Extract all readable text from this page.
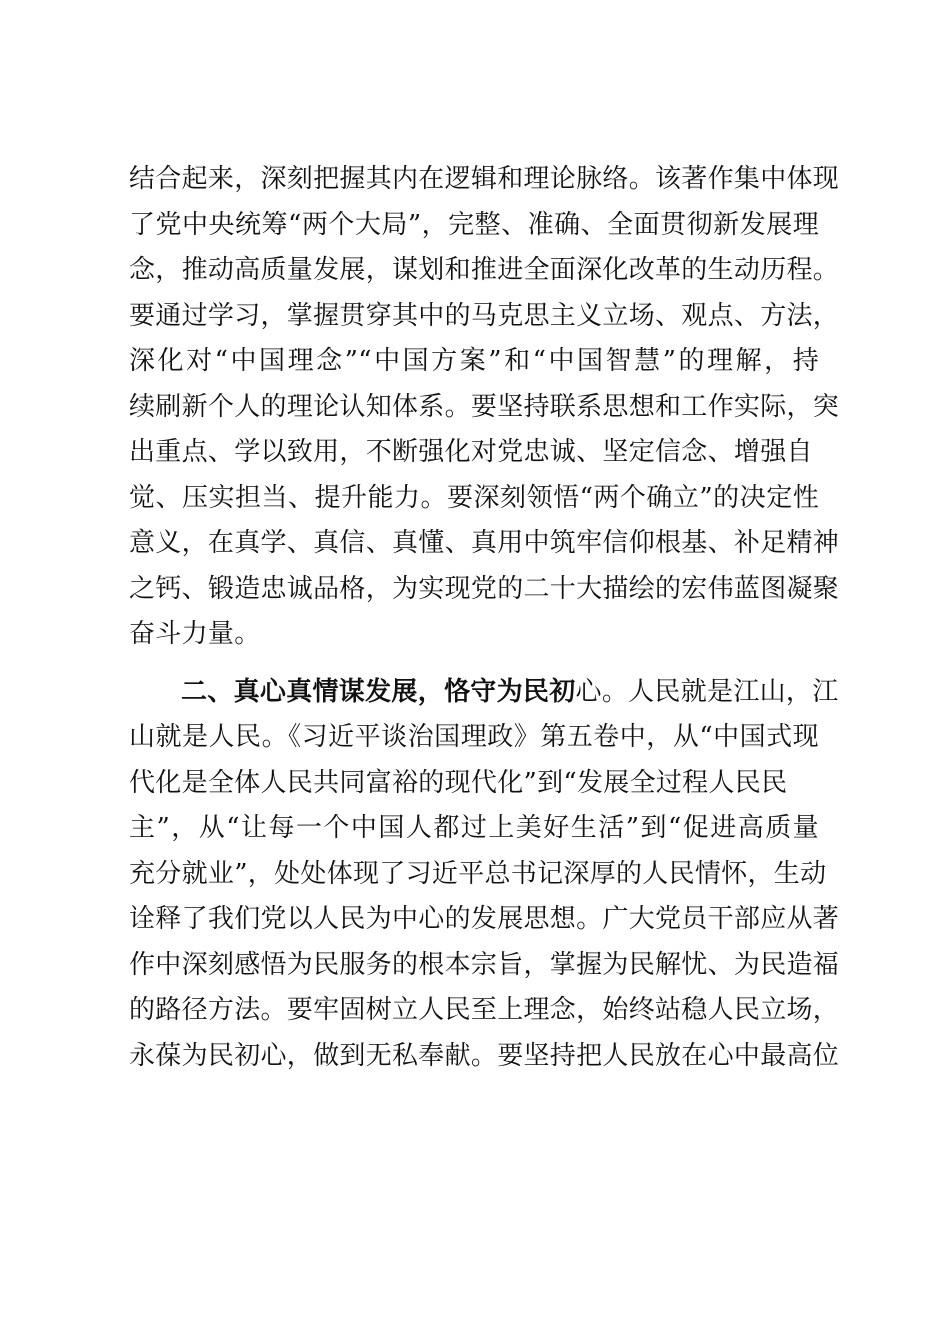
结合起来，深刻把握其内在逻辑和理论脉络。该著作集中体现
了党中央统筹“两个大局”，完整、准确、全面贯彻新发展理
念，推动高质量发展，谋划和推进全面深化改革的生动历程。
要通过学习，掌握贯穿其中的马克思主义立场、观点、方法，
深化对“中国理念”“中国方案”和“中国智慧”的理解，持
续刷新个人的理论认知体系。要坚持联系思想和工作实际，突
出重点、学以致用，不断强化对党忠诚、坚定信念、增强自
觉、压实担当、提升能力。要深刻领悟“两个确立”的决定性
意义，在真学、真信、真懂、真用中筑牢信仰根基、补足精神
之钙、锻造忠诚品格，为实现党的二十大描绘的宏伟蓝图凝聚
奋斗力量。
二、真心真情谋发展，恪守为民初心。人民就是江山，江
山就是人民。《习近平谈治国理政》第五卷中，从“中国式现
代化是全体人民共同富裕的现代化”到“发展全过程人民民
主”，从“让每一个中国人都过上美好生活”到“促进高质量
充分就业”，处处体现了习近平总书记深厚的人民情怀，生动
诠释了我们党以人民为中心的发展思想。广大党员干部应从著
作中深刻感悟为民服务的根本宗旨，掌握为民解忧、为民造福
的路径方法。要牢固树立人民至上理念，始终站稳人民立场，
永葆为民初心，做到无私奉献。要坚持把人民放在心中最高位
